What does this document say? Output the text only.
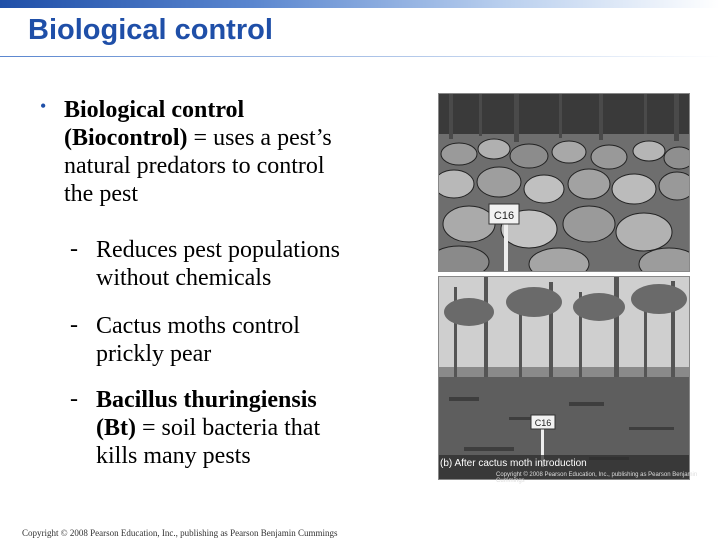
Biological control
• Biological control
(Biocontrol) = uses a pest’s
natural predators to control
the pest
- Reduces pest populations
without chemicals
- Cactus moths control
prickly pear
- Bacillus thuringiensis
(Bt) = soil bacteria that
kills many pests
C16
C16
(b) After cactus moth introduction
Copyright © 2008 Pearson Education, Inc., publishing as Pearson Benjamin Cummings
Copyright © 2008 Pearson Education, Inc., publishing as Pearson Benjamin Cummings
